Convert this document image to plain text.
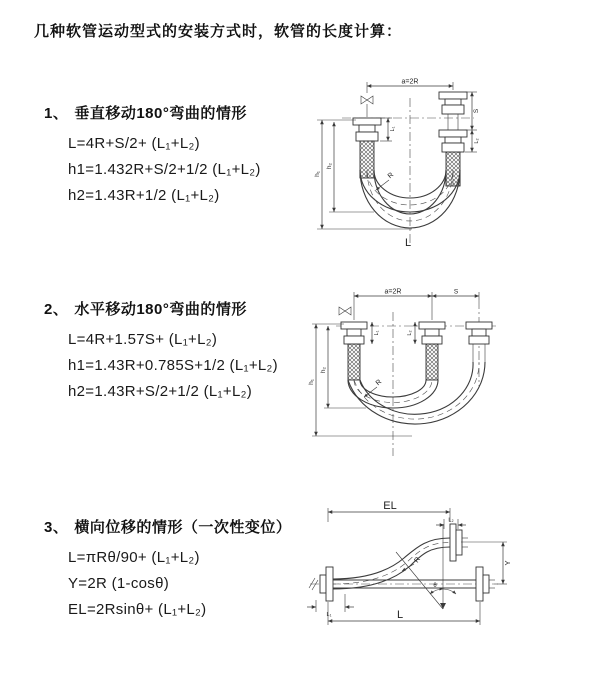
几种软管运动型式的安装方式时，软管的长度计算：
1、 垂直移动180°弯曲的情形
L=4R+S/2+ (L₁+L₂)
h1=1.432R+S/2+1/2 (L₁+L₂)
h2=1.43R+1/2 (L₁+L₂)
2、 水平移动180°弯曲的情形
L=4R+1.57S+ (L₁+L₂)
h1=1.43R+0.785S+1/2 (L₁+L₂)
h2=1.43R+S/2+1/2 (L₁+L₂)
3、 横向位移的情形（一次性变位）
L=πRθ/90+ (L₁+L₂)
Y=2R (1-cosθ)
EL=2Rsinθ+ (L₁+L₂)
a=2R
h₁
h₂
L₁
S
L₂
R
L
a=2R	S
h₁
h₂
L₁	L₂
R
θ
R
EL
L₂
Y
L₁	L
